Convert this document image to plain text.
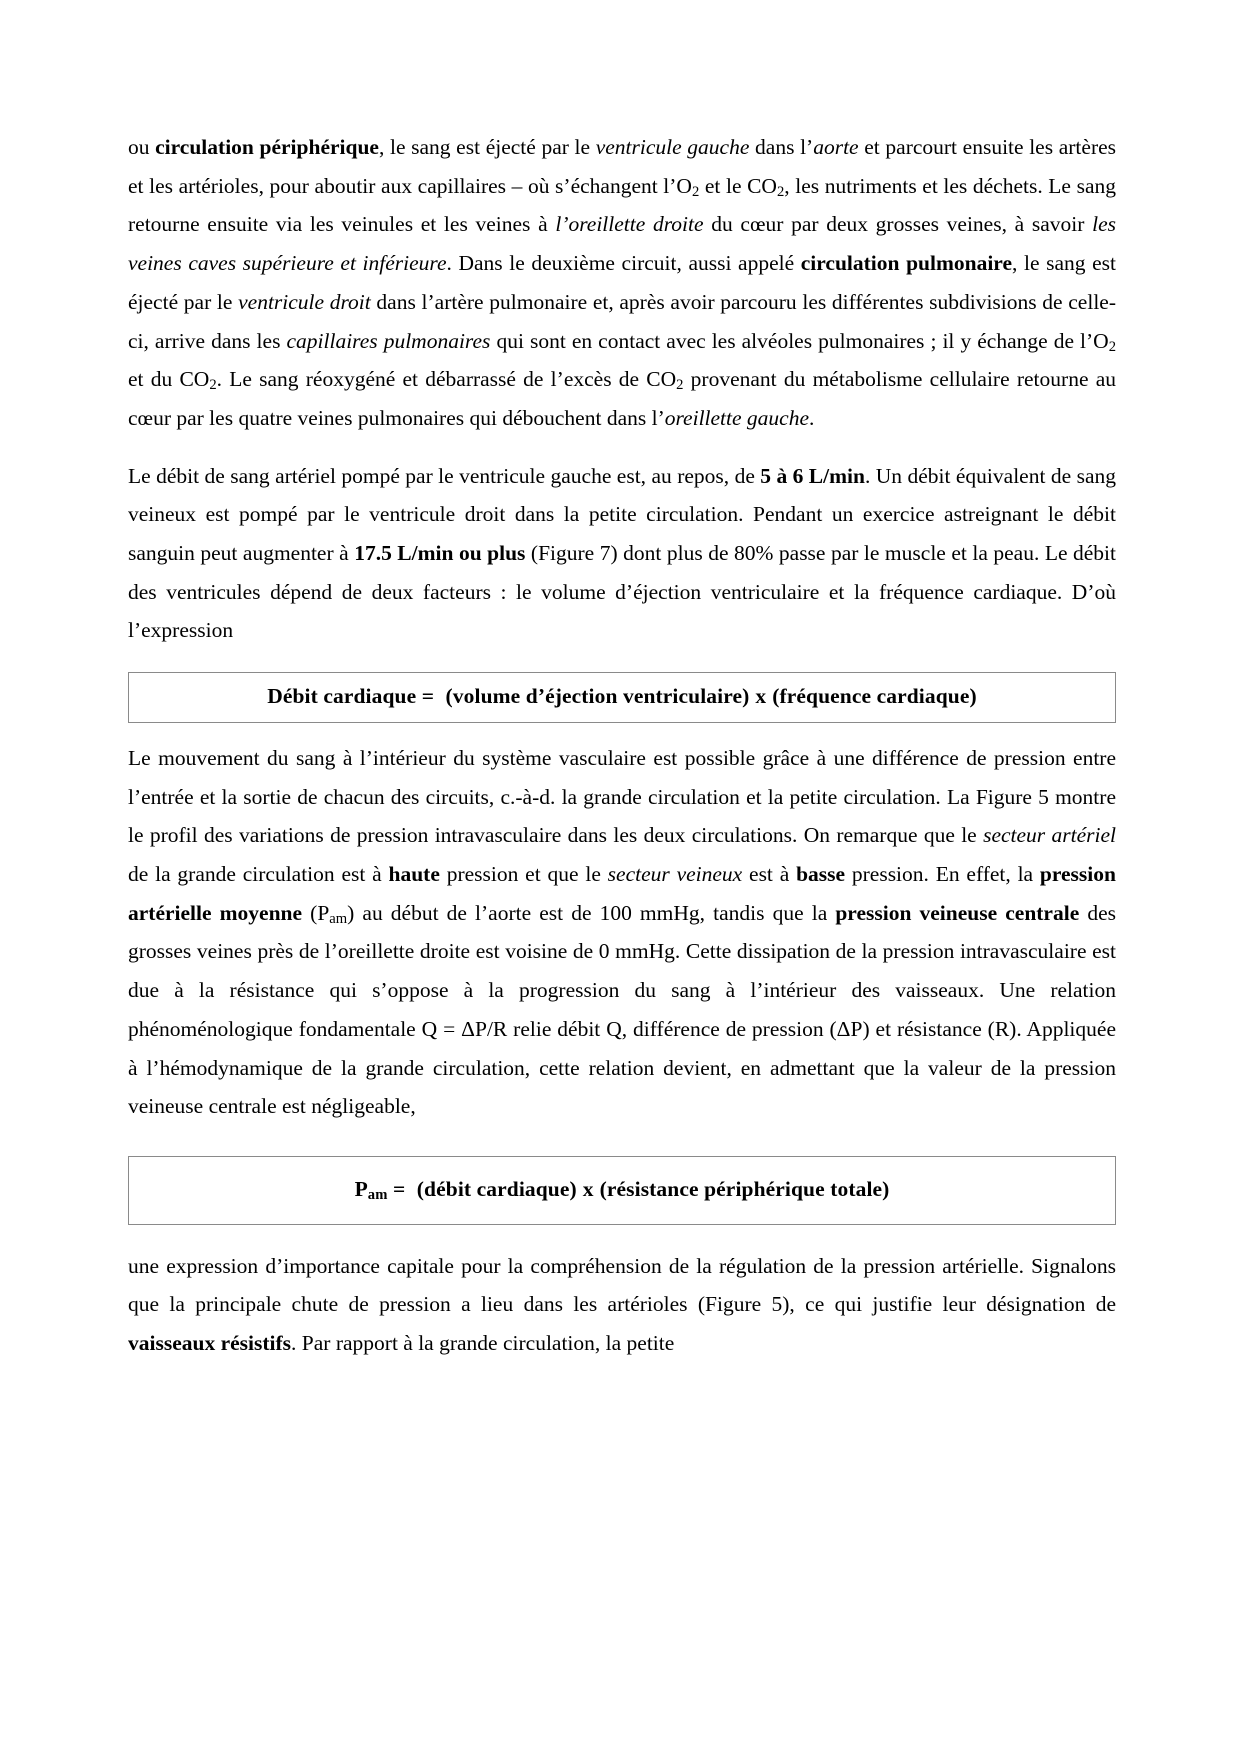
ou circulation périphérique, le sang est éjecté par le ventricule gauche dans l’aorte et parcourt ensuite les artères et les artérioles, pour aboutir aux capillaires – où s’échangent $l’O_2$ et le $CO_2$, les nutriments et les déchets. Le sang retourne ensuite via les veinules et les veines à l’oreillette droite du cœur par deux grosses veines, à savoir les veines caves supérieure et inférieure. Dans le deuxième circuit, aussi appelé circulation pulmonaire, le sang est éjecté par le ventricule droit dans l’artère pulmonaire et, après avoir parcouru les différentes subdivisions de celle-ci, arrive dans les capillaires pulmonaires qui sont en contact avec les alvéoles pulmonaires ; il y échange de $l’O_2$ et du $CO_2$. Le sang réoxygéné et débarrassé de l’excès de $CO_2$ provenant du métabolisme cellulaire retourne au cœur par les quatre veines pulmonaires qui débouchent dans l’oreillette gauche.

Le débit de sang artériel pompé par le ventricule gauche est, au repos, de 5 à 6 L/min. Un débit équivalent de sang veineux est pompé par le ventricule droit dans la petite circulation. Pendant un exercice astreignant le débit sanguin peut augmenter à 17.5 L/min ou plus (Figure 7) dont plus de 80% passe par le muscle et la peau. Le débit des ventricules dépend de deux facteurs : le volume d’éjection ventriculaire et la fréquence cardiaque. D’où l’expression

Débit cardiaque = (volume d’éjection ventriculaire) x (fréquence cardiaque)

Le mouvement du sang à l’intérieur du système vasculaire est possible grâce à une différence de pression entre l’entrée et la sortie de chacun des circuits, c.-à-d. la grande circulation et la petite circulation. La Figure 5 montre le profil des variations de pression intravasculaire dans les deux circulations. On remarque que le secteur artériel de la grande circulation est à haute pression et que le secteur veineux est à basse pression. En effet, la pression artérielle moyenne $(P_{am})$ au début de l’aorte est de 100 mmHg, tandis que la pression veineuse centrale des grosses veines près de l’oreillette droite est voisine de 0 mmHg. Cette dissipation de la pression intravasculaire est due à la résistance qui s’oppose à la progression du sang à l’intérieur des vaisseaux. Une relation phénoménologique fondamentale Q = ΔP/R relie débit Q, différence de pression (ΔP) et résistance (R). Appliquée à l’hémodynamique de la grande circulation, cette relation devient, en admettant que la valeur de la pression veineuse centrale est négligeable,

$P_{am}$ = (débit cardiaque) x (résistance périphérique totale)

une expression d’importance capitale pour la compréhension de la régulation de la pression artérielle. Signalons que la principale chute de pression a lieu dans les artérioles (Figure 5), ce qui justifie leur désignation de vaisseaux résistifs. Par rapport à la grande circulation, la petite
